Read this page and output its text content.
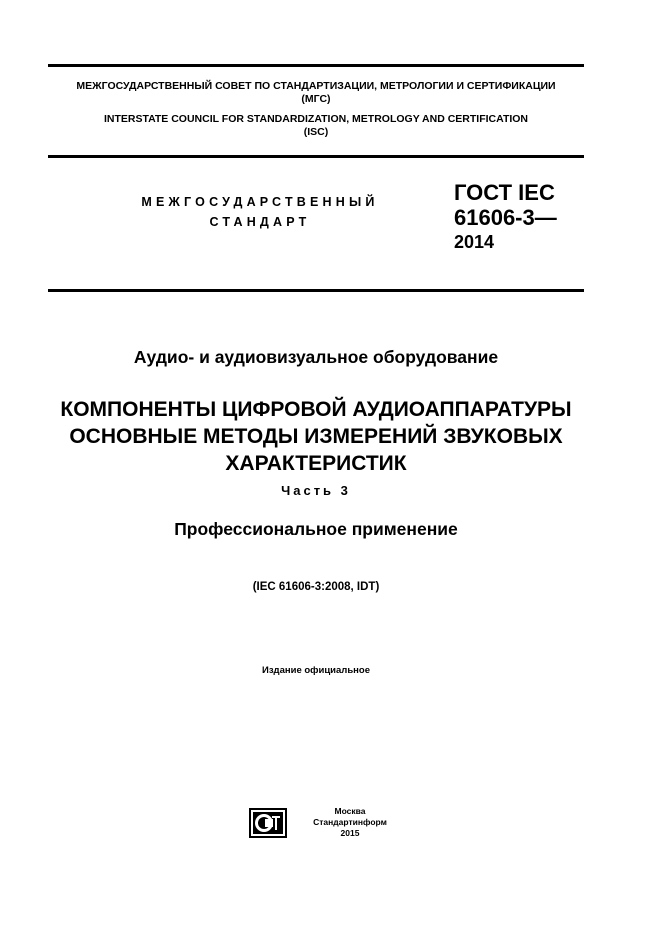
МЕЖГОСУДАРСТВЕННЫЙ СОВЕТ ПО СТАНДАРТИЗАЦИИ, МЕТРОЛОГИИ И СЕРТИФИКАЦИИ
(МГС)
INTERSTATE COUNCIL FOR STANDARDIZATION, METROLOGY AND CERTIFICATION
(ISC)
МЕЖГОСУДАРСТВЕННЫЙ
СТАНДАРТ
ГОСТ IEC
61606-3—
2014
Аудио- и аудиовизуальное оборудование
КОМПОНЕНТЫ ЦИФРОВОЙ АУДИОАППАРАТУРЫ
ОСНОВНЫЕ МЕТОДЫ ИЗМЕРЕНИЙ ЗВУКОВЫХ
ХАРАКТЕРИСТИК
Часть 3
Профессиональное применение
(IEC 61606-3:2008, IDT)
Издание официальное
Москва
Стандартинформ
2015
